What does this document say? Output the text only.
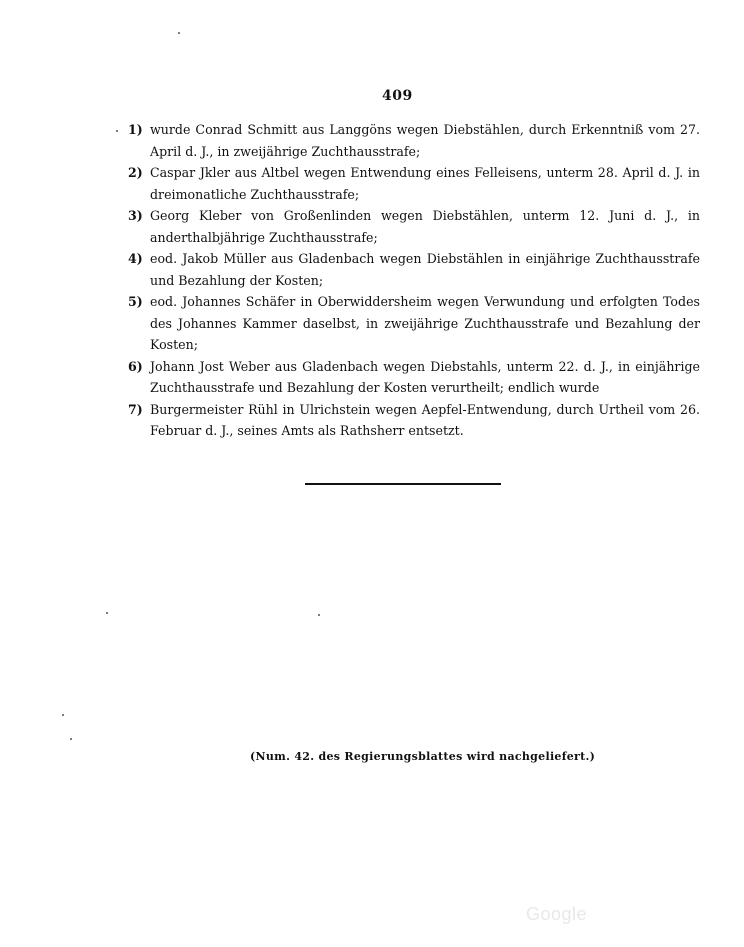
409
1) wurde Conrad Schmitt aus Langgöns wegen Diebstählen, durch Erkenntniß vom 27. April d. J., in zweijährige Zuchthausstrafe;
2) Caspar Jkler aus Altbel wegen Entwendung eines Felleisens, unterm 28. April d. J. in dreimonatliche Zuchthausstrafe;
3) Georg Kleber von Großenlinden wegen Diebstählen, unterm 12. Juni d. J., in anderthalbjährige Zuchthausstrafe;
4) eod. Jakob Müller aus Gladenbach wegen Diebstählen in einjährige Zuchthausstrafe und Bezahlung der Kosten;
5) eod. Johannes Schäfer in Oberwiddersheim wegen Verwundung und erfolgten Todes des Johannes Kammer daselbst, in zweijährige Zuchthausstrafe und Bezahlung der Kosten;
6) Johann Jost Weber aus Gladenbach wegen Diebstahls, unterm 22. d. J., in einjährige Zuchthausstrafe und Bezahlung der Kosten verurtheilt; endlich wurde
7) Burgermeister Rühl in Ulrichstein wegen Aepfel-Entwendung, durch Urtheil vom 26. Februar d. J., seines Amts als Rathsherr entsetzt.
(Num. 42. des Regierungsblattes wird nachgeliefert.)
Google
